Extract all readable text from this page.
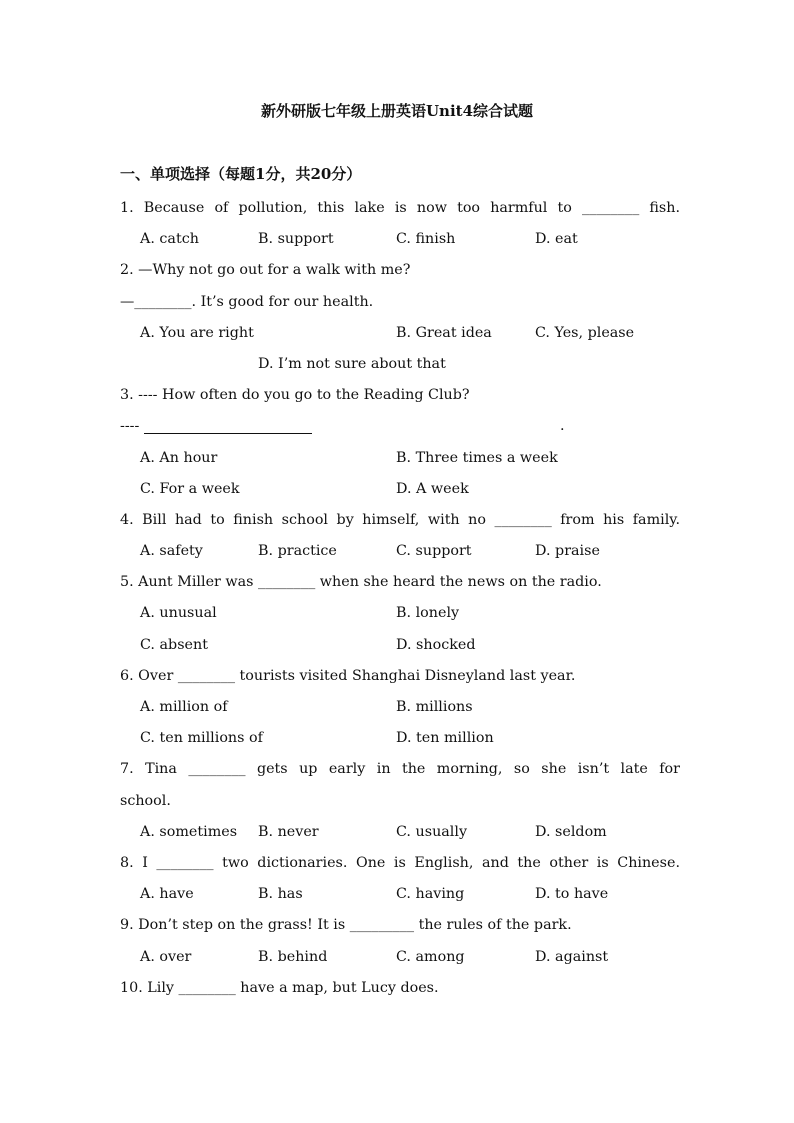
新外研版七年级上册英语Unit4综合试题
一、单项选择（每题1分，共20分）
1. Because of pollution, this lake is now too harmful to ________ fish.
A. catch	B. support	C. finish	D. eat
2. —Why not go out for a walk with me?
—________. It’s good for our health.
A. You are right	B. Great idea	C. Yes, please
D. I’m not sure about that
3. ---- How often do you go to the Reading Club?
----	.
A. An hour	B. Three times a week
C. For a week	D. A week
4. Bill had to finish school by himself, with no ________ from his family.
A. safety	B. practice	C. support	D. praise
5. Aunt Miller was ________ when she heard the news on the radio.
A. unusual	B. lonely
C. absent	D. shocked
6. Over ________ tourists visited Shanghai Disneyland last year.
A. million of	B. millions
C. ten millions of	D. ten million
7. Tina ________ gets up early in the morning, so she isn’t late for
school.
A. sometimes B. never	C. usually	D. seldom
8. I ________ two dictionaries. One is English, and the other is Chinese.
A. have	B. has	C. having	D. to have
9. Don’t step on the grass! It is _________ the rules of the park.
A. over	B. behind	C. among	D. against
10. Lily ________ have a map, but Lucy does.
